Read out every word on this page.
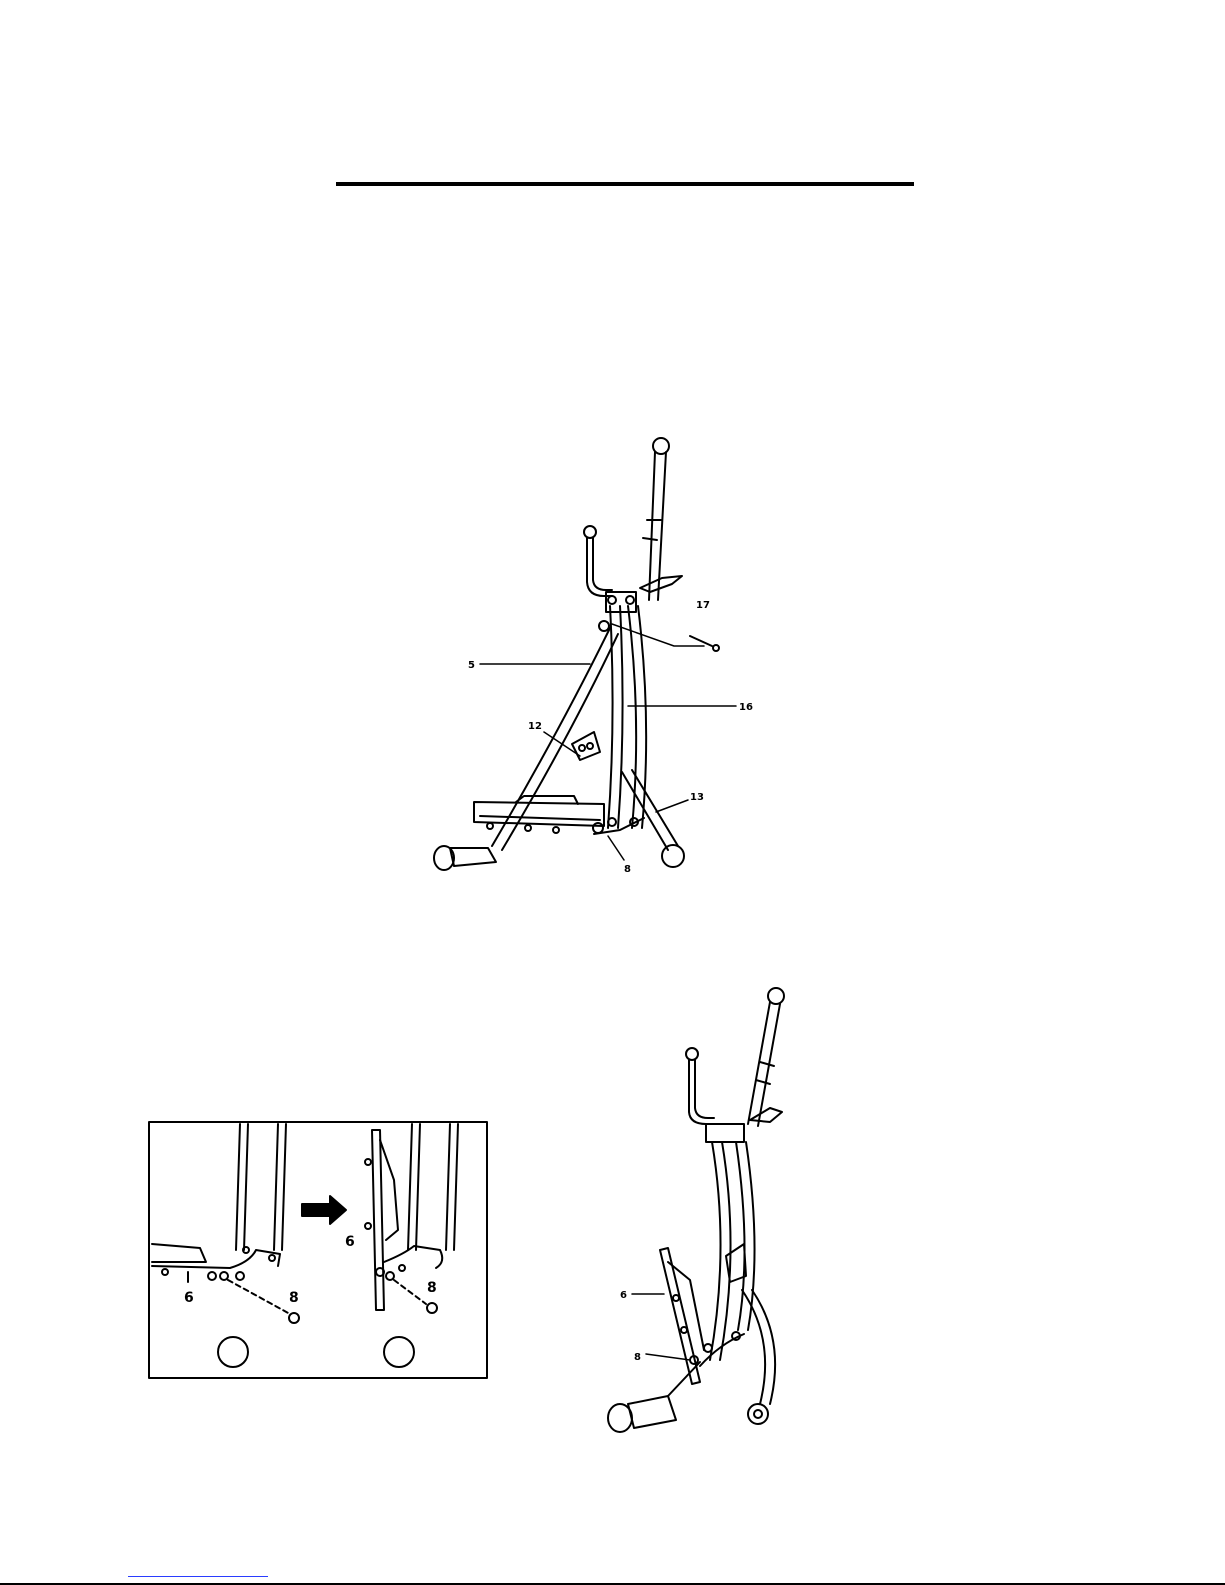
5
17
16
12
13
8
6	8
6
8	6
8
